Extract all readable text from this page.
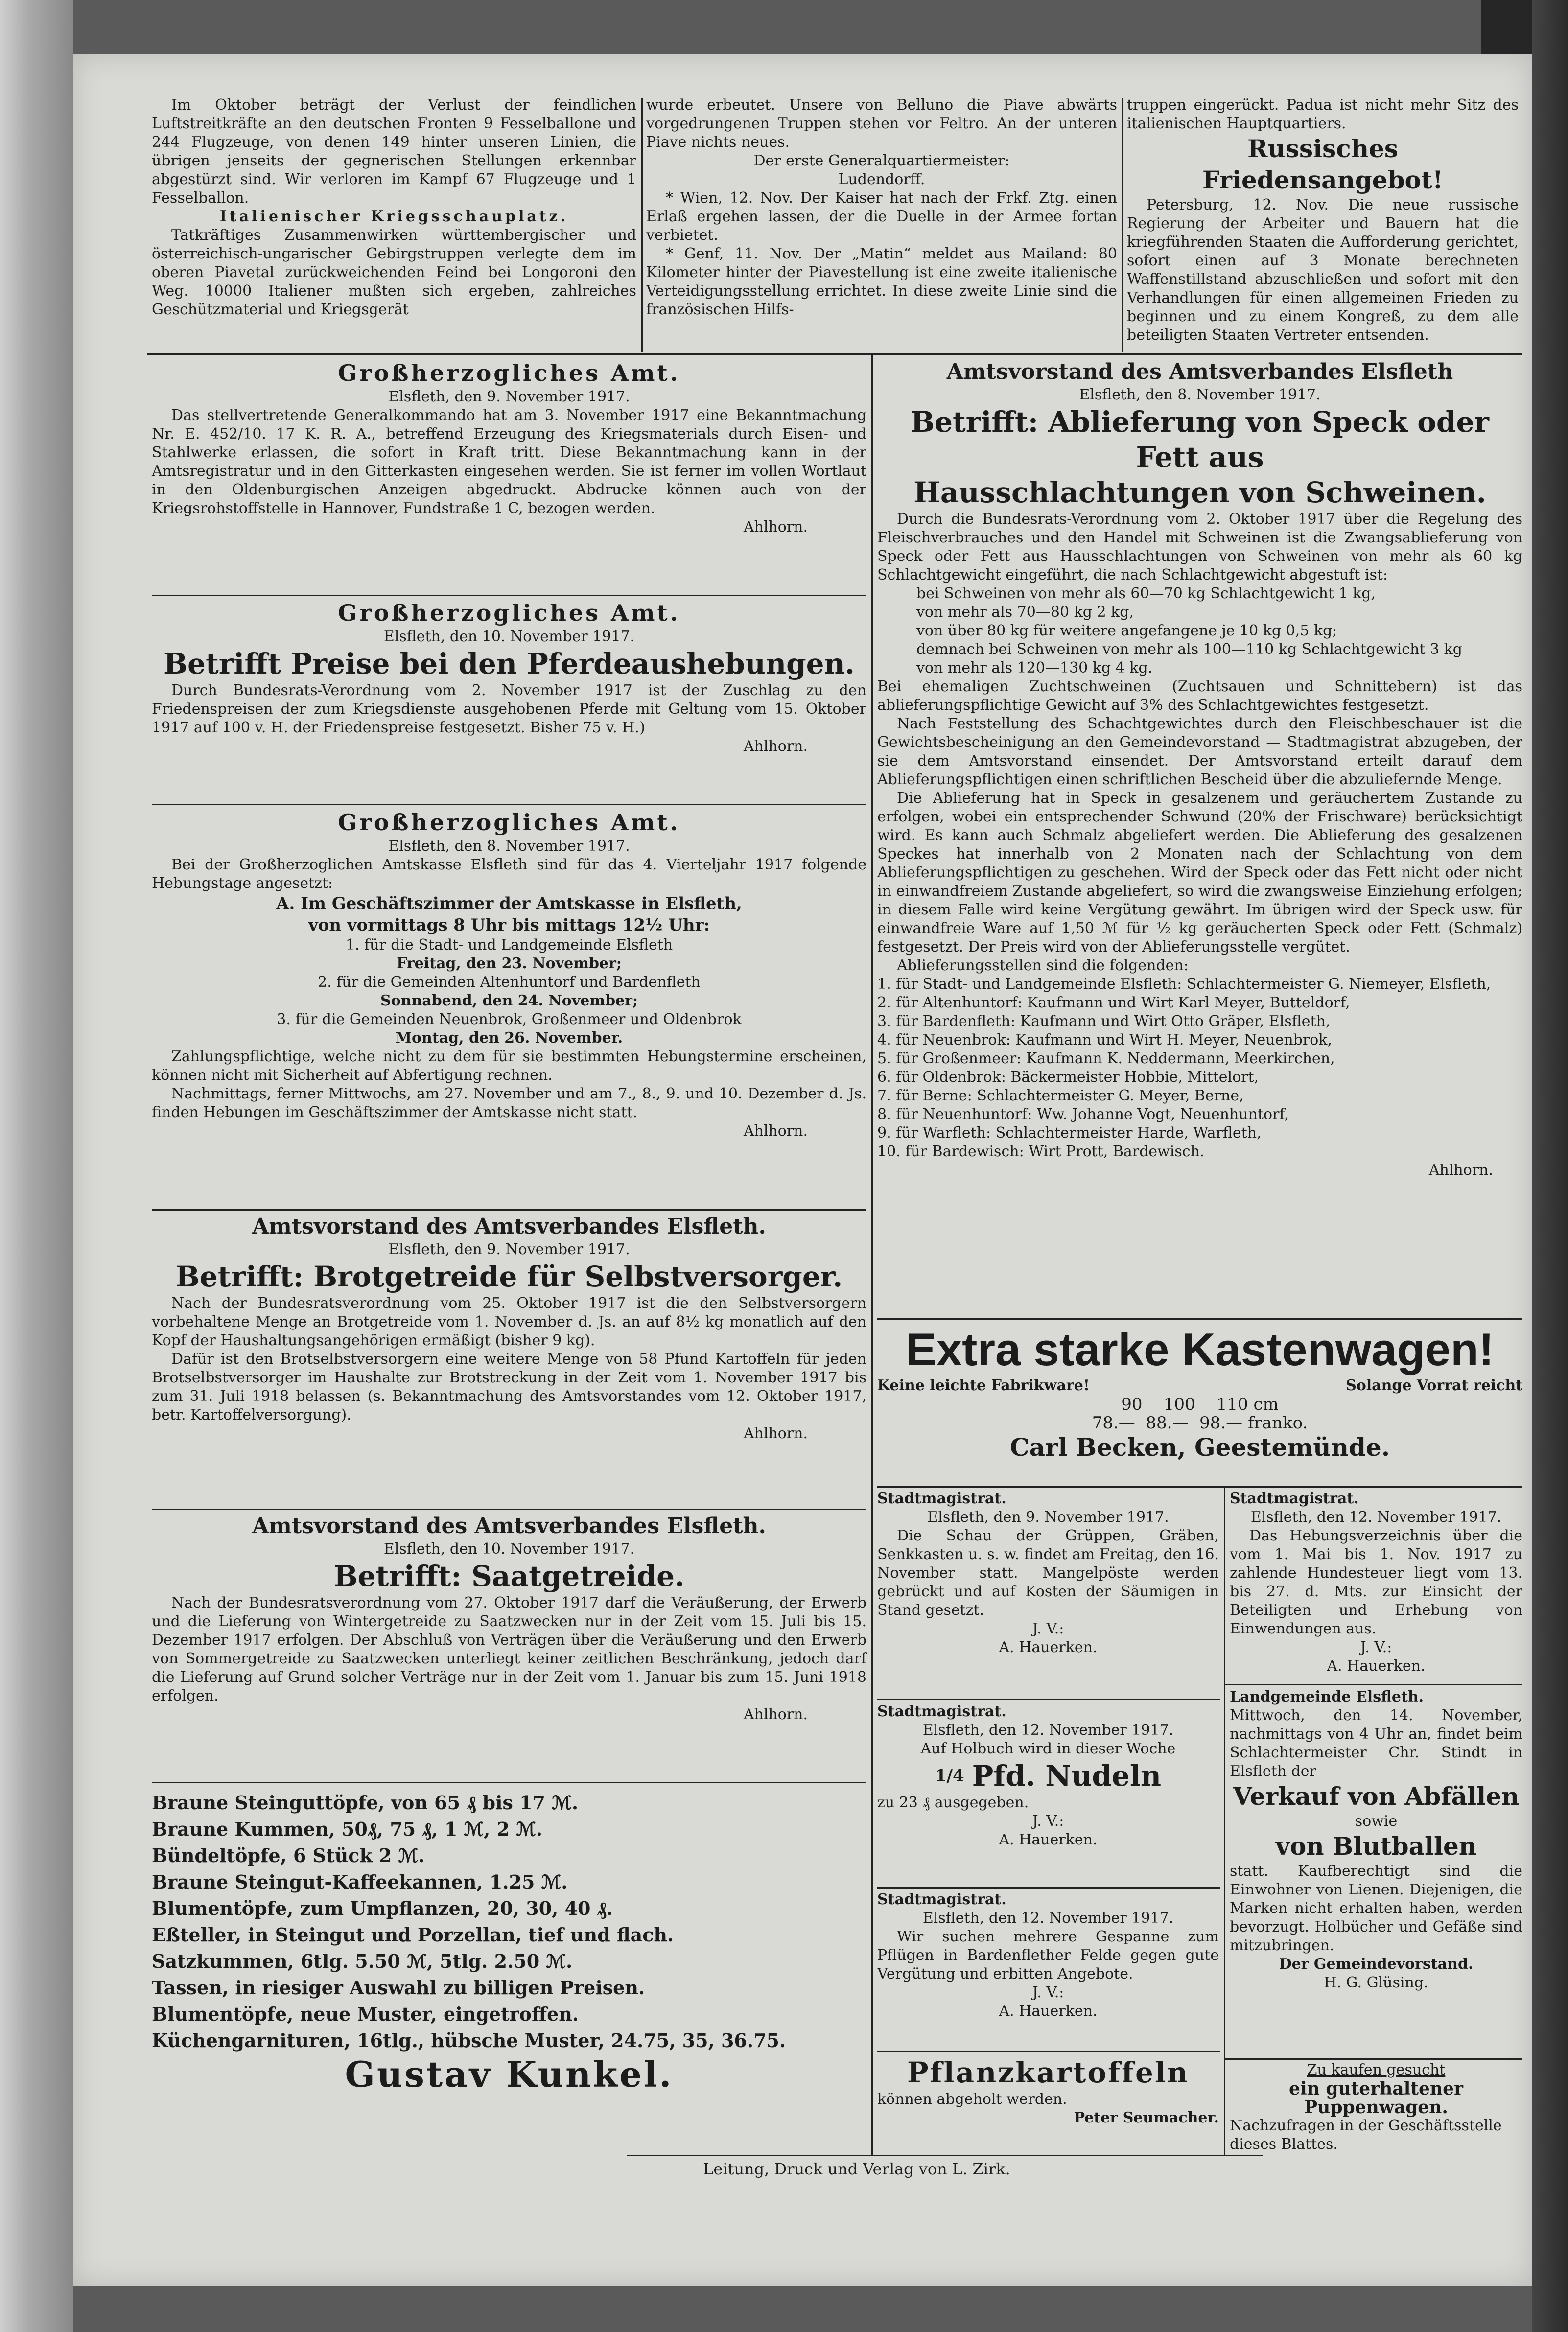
Im Oktober beträgt der Verlust der feindlichen Luftstreitkräfte an den deutschen Fronten 9 Fesselballone und 244 Flugzeuge, von denen 149 hinter unseren Linien, die übrigen jenseits der gegnerischen Stellungen erkennbar abgestürzt sind. Wir verloren im Kampf 67 Flugzeuge und 1 Fesselballon.

Italienischer Kriegsschauplatz.

Tatkräftiges Zusammenwirken württembergischer und österreichisch-ungarischer Gebirgstruppen verlegte dem im oberen Piavetal zurückweichenden Feind bei Longoroni den Weg. 10000 Italiener mußten sich ergeben, zahlreiches Geschützmaterial und Kriegsgerät

wurde erbeutet. Unsere von Belluno die Piave abwärts vorgedrungenen Truppen stehen vor Feltro. An der unteren Piave nichts neues.

Der erste Generalquartiermeister:

Ludendorff.

* Wien, 12. Nov. Der Kaiser hat nach der Frkf. Ztg. einen Erlaß ergehen lassen, der die Duelle in der Armee fortan verbietet.

* Genf, 11. Nov. Der „Matin“ meldet aus Mailand: 80 Kilometer hinter der Piavestellung ist eine zweite italienische Verteidigungsstellung errichtet. In diese zweite Linie sind die französischen Hilfs-

truppen eingerückt. Padua ist nicht mehr Sitz des italienischen Hauptquartiers.

Russisches Friedensangebot!

Petersburg, 12. Nov. Die neue russische Regierung der Arbeiter und Bauern hat die kriegführenden Staaten die Aufforderung gerichtet, sofort einen auf 3 Monate berechneten Waffenstillstand abzuschließen und sofort mit den Verhandlungen für einen allgemeinen Frieden zu beginnen und zu einem Kongreß, zu dem alle beteiligten Staaten Vertreter entsenden.

Großherzogliches Amt.

Elsfleth, den 9. November 1917.

Das stellvertretende Generalkommando hat am 3. November 1917 eine Bekanntmachung Nr. E. 452/10. 17 K. R. A., betreffend Erzeugung des Kriegsmaterials durch Eisen- und Stahlwerke erlassen, die sofort in Kraft tritt. Diese Bekanntmachung kann in der Amtsregistratur und in den Gitterkasten eingesehen werden. Sie ist ferner im vollen Wortlaut in den Oldenburgischen Anzeigen abgedruckt. Abdrucke können auch von der Kriegsrohstoffstelle in Hannover, Fundstraße 1 C, bezogen werden.

Ahlhorn.

Großherzogliches Amt.

Elsfleth, den 10. November 1917.

Betrifft Preise bei den Pferdeaushebungen.

Durch Bundesrats-Verordnung vom 2. November 1917 ist der Zuschlag zu den Friedenspreisen der zum Kriegsdienste ausgehobenen Pferde mit Geltung vom 15. Oktober 1917 auf 100 v. H. der Friedenspreise festgesetzt. Bisher 75 v. H.)

Ahlhorn.

Großherzogliches Amt.

Elsfleth, den 8. November 1917.

Bei der Großherzoglichen Amtskasse Elsfleth sind für das 4. Vierteljahr 1917 folgende Hebungstage angesetzt:

A. Im Geschäftszimmer der Amtskasse in Elsfleth,

von vormittags 8 Uhr bis mittags 12½ Uhr:

1. für die Stadt- und Landgemeinde Elsfleth

Freitag, den 23. November;

2. für die Gemeinden Altenhuntorf und Bardenfleth

Sonnabend, den 24. November;

3. für die Gemeinden Neuenbrok, Großenmeer und Oldenbrok

Montag, den 26. November.

Zahlungspflichtige, welche nicht zu dem für sie bestimmten Hebungstermine erscheinen, können nicht mit Sicherheit auf Abfertigung rechnen.

Nachmittags, ferner Mittwochs, am 27. November und am 7., 8., 9. und 10. Dezember d. Js. finden Hebungen im Geschäftszimmer der Amtskasse nicht statt.

Ahlhorn.

Amtsvorstand des Amtsverbandes Elsfleth.

Elsfleth, den 9. November 1917.

Betrifft: Brotgetreide für Selbstversorger.

Nach der Bundesratsverordnung vom 25. Oktober 1917 ist die den Selbstversorgern vorbehaltene Menge an Brotgetreide vom 1. November d. Js. an auf 8½ kg monatlich auf den Kopf der Haushaltungsangehörigen ermäßigt (bisher 9 kg).

Dafür ist den Brotselbstversorgern eine weitere Menge von 58 Pfund Kartoffeln für jeden Brotselbstversorger im Haushalte zur Brotstreckung in der Zeit vom 1. November 1917 bis zum 31. Juli 1918 belassen (s. Bekanntmachung des Amtsvorstandes vom 12. Oktober 1917, betr. Kartoffelversorgung).

Ahlhorn.

Amtsvorstand des Amtsverbandes Elsfleth.

Elsfleth, den 10. November 1917.

Betrifft: Saatgetreide.

Nach der Bundesratsverordnung vom 27. Oktober 1917 darf die Veräußerung, der Erwerb und die Lieferung von Wintergetreide zu Saatzwecken nur in der Zeit vom 15. Juli bis 15. Dezember 1917 erfolgen. Der Abschluß von Verträgen über die Veräußerung und den Erwerb von Sommergetreide zu Saatzwecken unterliegt keiner zeitlichen Beschränkung, jedoch darf die Lieferung auf Grund solcher Verträge nur in der Zeit vom 1. Januar bis zum 15. Juni 1918 erfolgen.

Ahlhorn.

Braune Steinguttöpfe, von 65 ₰ bis 17 ℳ.

Braune Kummen, 50₰, 75 ₰, 1 ℳ, 2 ℳ.

Bündeltöpfe, 6 Stück 2 ℳ.

Braune Steingut-Kaffeekannen, 1.25 ℳ.

Blumentöpfe, zum Umpflanzen, 20, 30, 40 ₰.

Eßteller, in Steingut und Porzellan, tief und flach.

Satzkummen, 6tlg. 5.50 ℳ, 5tlg. 2.50 ℳ.

Tassen, in riesiger Auswahl zu billigen Preisen.

Blumentöpfe, neue Muster, eingetroffen.

Küchengarnituren, 16tlg., hübsche Muster, 24.75, 35, 36.75.

Gustav Kunkel.

Amtsvorstand des Amtsverbandes Elsfleth

Elsfleth, den 8. November 1917.

Betrifft: Ablieferung von Speck oder Fett aus

Hausschlachtungen von Schweinen.

Durch die Bundesrats-Verordnung vom 2. Oktober 1917 über die Regelung des Fleischverbrauches und den Handel mit Schweinen ist die Zwangsablieferung von Speck oder Fett aus Hausschlachtungen von Schweinen von mehr als 60 kg Schlachtgewicht eingeführt, die nach Schlachtgewicht abgestuft ist:

bei Schweinen von mehr als 60—70 kg Schlachtgewicht 1 kg,

von mehr als 70—80 kg 2 kg,

von über 80 kg für weitere angefangene je 10 kg 0,5 kg;

demnach bei Schweinen von mehr als 100—110 kg Schlachtgewicht 3 kg

von mehr als 120—130 kg 4 kg.

Bei ehemaligen Zuchtschweinen (Zuchtsauen und Schnittebern) ist das ablieferungspflichtige Gewicht auf 3% des Schlachtgewichtes festgesetzt.

Nach Feststellung des Schachtgewichtes durch den Fleischbeschauer ist die Gewichtsbescheinigung an den Gemeindevorstand — Stadtmagistrat abzugeben, der sie dem Amtsvorstand einsendet. Der Amtsvorstand erteilt darauf dem Ablieferungspflichtigen einen schriftlichen Bescheid über die abzuliefernde Menge.

Die Ablieferung hat in Speck in gesalzenem und geräuchertem Zustande zu erfolgen, wobei ein entsprechender Schwund (20% der Frischware) berücksichtigt wird. Es kann auch Schmalz abgeliefert werden. Die Ablieferung des gesalzenen Speckes hat innerhalb von 2 Monaten nach der Schlachtung von dem Ablieferungspflichtigen zu geschehen. Wird der Speck oder das Fett nicht oder nicht in einwandfreiem Zustande abgeliefert, so wird die zwangsweise Einziehung erfolgen; in diesem Falle wird keine Vergütung gewährt. Im übrigen wird der Speck usw. für einwandfreie Ware auf 1,50 ℳ für ½ kg geräucherten Speck oder Fett (Schmalz) festgesetzt. Der Preis wird von der Ablieferungsstelle vergütet.

Ablieferungsstellen sind die folgenden:

1. für Stadt- und Landgemeinde Elsfleth: Schlachtermeister G. Niemeyer, Elsfleth,

2. für Altenhuntorf: Kaufmann und Wirt Karl Meyer, Butteldorf,

3. für Bardenfleth: Kaufmann und Wirt Otto Gräper, Elsfleth,

4. für Neuenbrok: Kaufmann und Wirt H. Meyer, Neuenbrok,

5. für Großenmeer: Kaufmann K. Neddermann, Meerkirchen,

6. für Oldenbrok: Bäckermeister Hobbie, Mittelort,

7. für Berne: Schlachtermeister G. Meyer, Berne,

8. für Neuenhuntorf: Ww. Johanne Vogt, Neuenhuntorf,

9. für Warfleth: Schlachtermeister Harde, Warfleth,

10. für Bardewisch: Wirt Prott, Bardewisch.

Ahlhorn.

Extra starke Kastenwagen!

Keine leichte Fabrikware!	Solange Vorrat reicht

90    100    110 cm

78.—  88.—  98.— franko.

Carl Becken, Geestemünde.

Stadtmagistrat.

Elsfleth, den 9. November 1917.

Die Schau der Grüppen, Gräben, Senkkasten u. s. w. findet am Freitag, den 16. November statt. Mangelpöste werden gebrückt und auf Kosten der Säumigen in Stand gesetzt.

J. V.:

A. Hauerken.

Stadtmagistrat.

Elsfleth, den 12. November 1917.

Auf Holbuch wird in dieser Woche

1/4 Pfd. Nudeln

zu 23 ₰ ausgegeben.

J. V.:

A. Hauerken.

Stadtmagistrat.

Elsfleth, den 12. November 1917.

Wir suchen mehrere Gespanne zum Pflügen in Bardenflether Felde gegen gute Vergütung und erbitten Angebote.

J. V.:

A. Hauerken.

Pflanzkartoffeln

können abgeholt werden.

Peter Seumacher.

Stadtmagistrat.

Elsfleth, den 12. November 1917.

Das Hebungsverzeichnis über die vom 1. Mai bis 1. Nov. 1917 zu zahlende Hundesteuer liegt vom 13. bis 27. d. Mts. zur Einsicht der Beteiligten und Erhebung von Einwendungen aus.

J. V.:

A. Hauerken.

Landgemeinde Elsfleth.

Mittwoch, den 14. November, nachmittags von 4 Uhr an, findet beim Schlachtermeister Chr. Stindt in Elsfleth der

Verkauf von Abfällen

sowie

von Blutballen

statt. Kaufberechtigt sind die Einwohner von Lienen. Diejenigen, die Marken nicht erhalten haben, werden bevorzugt. Holbücher und Gefäße sind mitzubringen.

Der Gemeindevorstand.

H. G. Glüsing.

Zu kaufen gesucht

ein guterhaltener Puppenwagen.

Nachzufragen in der Geschäftsstelle dieses Blattes.

Leitung, Druck und Verlag von L. Zirk.
